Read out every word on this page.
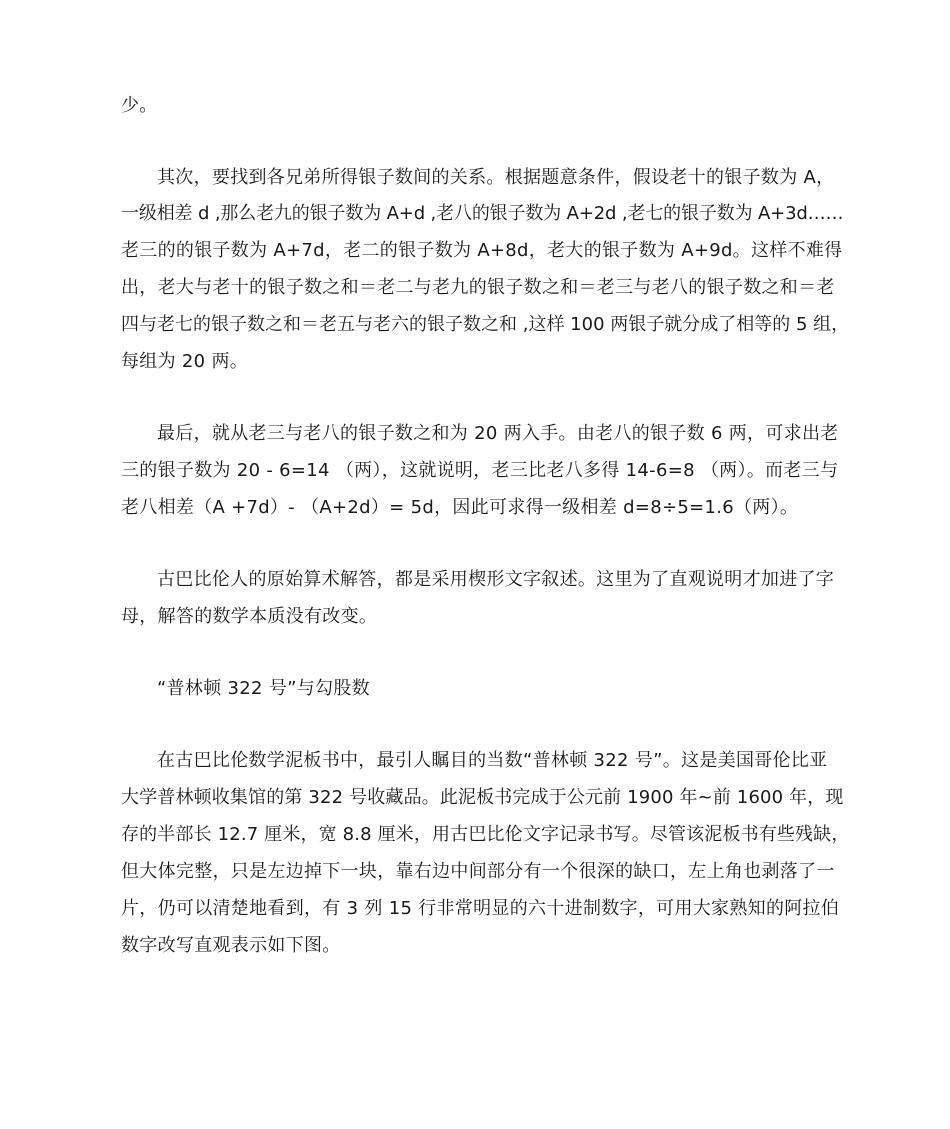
少。

其次，要找到各兄弟所得银子数间的关系。根据题意条件，假设老十的银子数为 A，

一级相差 d ,那么老九的银子数为 A+d ,老八的银子数为 A+2d ,老七的银子数为 A+3d……

老三的的银子数为 A+7d，老二的银子数为 A+8d，老大的银子数为 A+9d。这样不难得

出，老大与老十的银子数之和＝老二与老九的银子数之和＝老三与老八的银子数之和＝老

四与老七的银子数之和＝老五与老六的银子数之和 ,这样 100 两银子就分成了相等的 5 组，

每组为 20 两。

最后，就从老三与老八的银子数之和为 20 两入手。由老八的银子数 6 两，可求出老

三的银子数为 20 - 6=14 （两），这就说明，老三比老八多得 14-6=8 （两）。而老三与

老八相差（A +7d）- （A+2d）= 5d，因此可求得一级相差 d=8÷5=1.6（两）。

古巴比伦人的原始算术解答，都是采用楔形文字叙述。这里为了直观说明才加进了字

母，解答的数学本质没有改变。

“普林顿 322 号”与勾股数

在古巴比伦数学泥板书中，最引人瞩目的当数“普林顿 322 号”。这是美国哥伦比亚

大学普林顿收集馆的第 322 号收藏品。此泥板书完成于公元前 1900 年~前 1600 年，现

存的半部长 12.7 厘米，宽 8.8 厘米，用古巴比伦文字记录书写。尽管该泥板书有些残缺，

但大体完整，只是左边掉下一块，靠右边中间部分有一个很深的缺口，左上角也剥落了一

片，仍可以清楚地看到，有 3 列 15 行非常明显的六十进制数字，可用大家熟知的阿拉伯

数字改写直观表示如下图。
